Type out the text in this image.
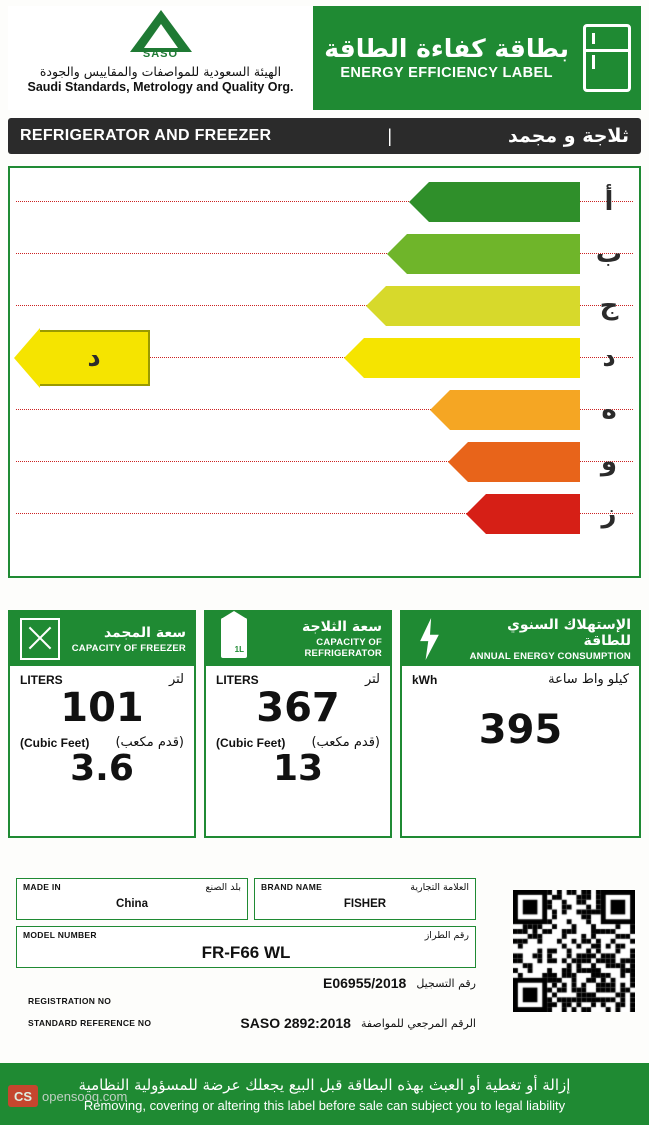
SASO
الهيئة السعودية للمواصفات والمقاييس والجودة
Saudi Standards, Metrology and Quality Org.
بطاقة كفاءة الطاقة
ENERGY EFFICIENCY LABEL
REFRIGERATOR AND FREEZER	|	ثلاجة و مجمد
أ
ب
ج
د
ه
و
ز
د
سعة المجمد
CAPACITY OF FREEZER
LITERS	لتر
101
(Cubic Feet) (قدم مكعب)
3.6
1L
سعة الثلاجة
CAPACITY OF REFRIGERATOR
LITERS	لتر
367
(Cubic Feet) (قدم مكعب)
13
الإستهلاك السنوي للطاقة
ANNUAL ENERGY CONSUMPTION
kWh	كيلو واط ساعة
395
MADE IN	بلد الصنع
China
BRAND NAME	العلامة التجارية
FISHER
MODEL NUMBER	رقم الطراز
FR-F66 WL
E06955/2018 رقم التسجيل
REGISTRATION NO
STANDARD REFERENCE NO	SASO 2892:2018 الرقم المرجعي للمواصفة
إزالة أو تغطية أو العبث بهذه البطاقة قبل البيع يجعلك عرضة للمسؤولية النظامية
Removing, covering or altering this label before sale can subject you to legal liability
CS opensooq.com
